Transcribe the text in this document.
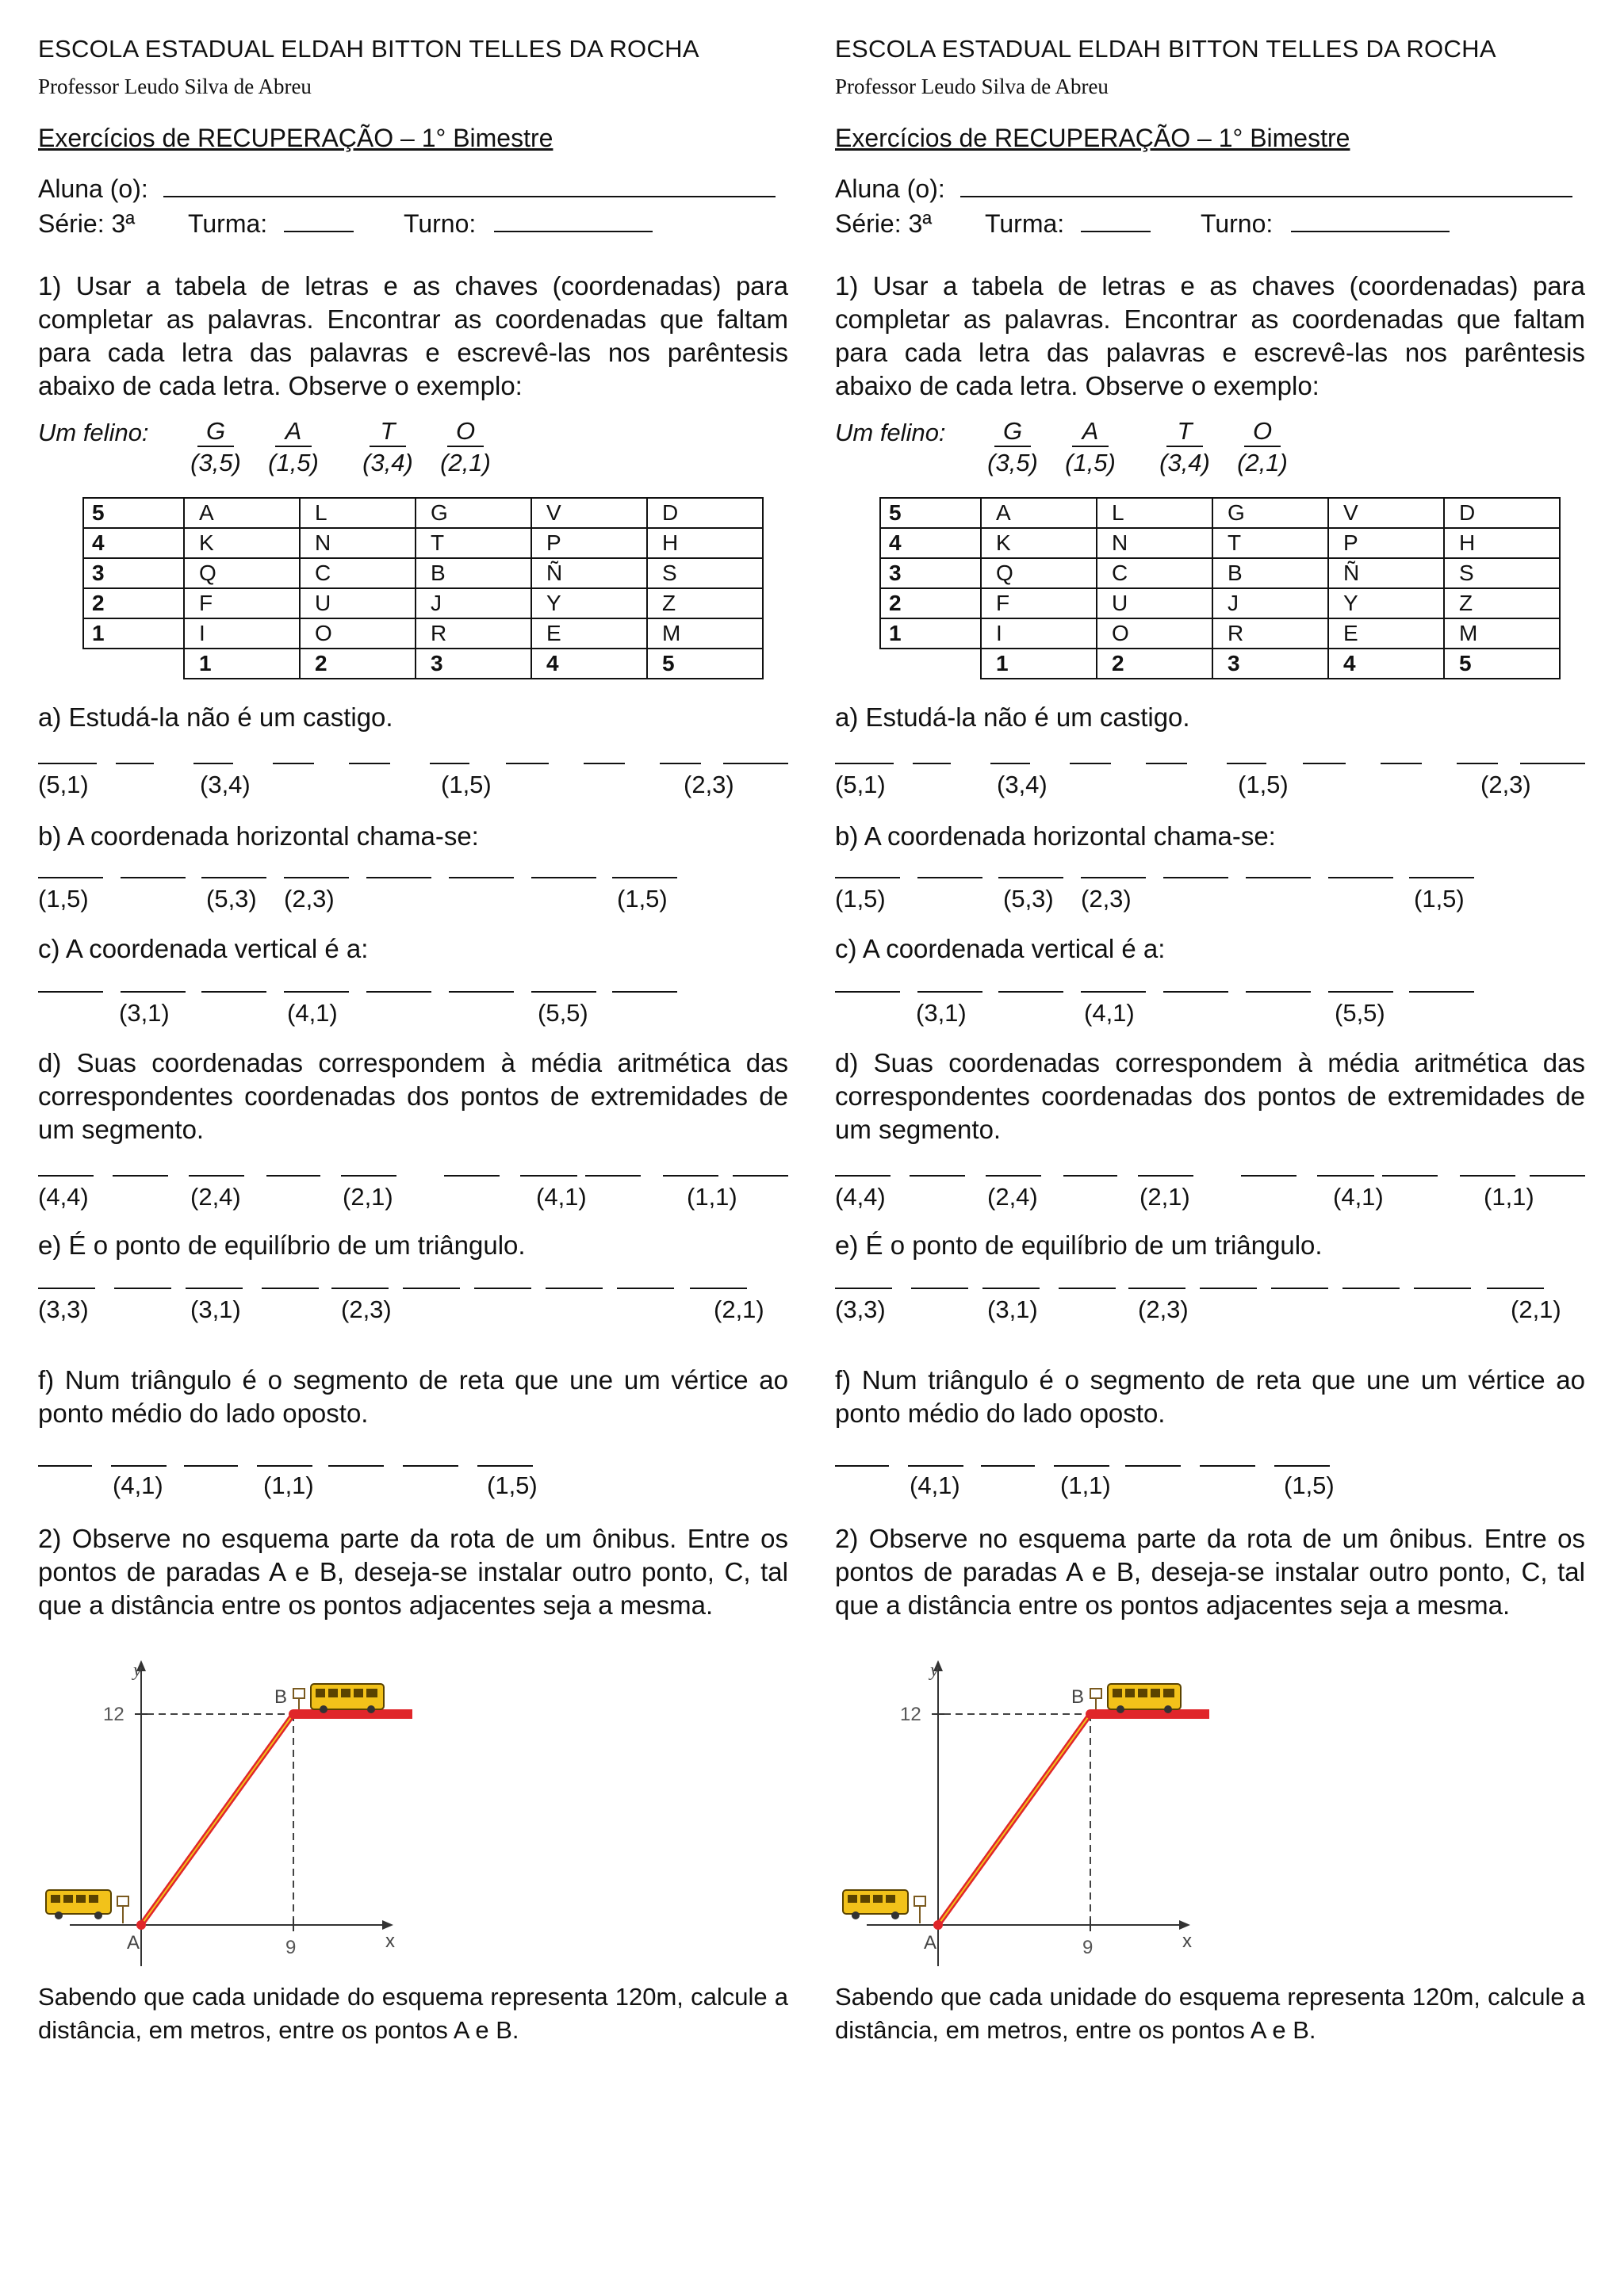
ESCOLA ESTADUAL ELDAH BITTON TELLES DA ROCHA
Professor Leudo Silva de Abreu
Exercícios de RECUPERAÇÃO – 1° Bimestre
Aluna (o):
Série: 3ª Turma:	Turno:
1) Usar a tabela de letras e as chaves (coordenadas) para completar as palavras. Encontrar as coordenadas que faltam para cada letra das palavras e escrevê-las nos parêntesis abaixo de cada letra. Observe o exemplo:
Um felino:	G
(3,5)
A
(1,5)
T
(3,4)
O
(2,1)
5	A	L	G	V	D
4	K	N	T	P	H
3	Q	C	B	Ñ	S
2	F	U	J	Y	Z
1	I	O	R	E	M
	1	2	3	4	5
a) Estudá-la não é um castigo.
(5,1)	(3,4)	(1,5)	(2,3)
b) A coordenada horizontal chama-se:
(1,5)	(5,3) (2,3)	(1,5)
c) A coordenada vertical é a:
(3,1)	(4,1)	(5,5)
d) Suas coordenadas correspondem à média aritmética das correspondentes coordenadas dos pontos de extremidades de um segmento.
(4,4)	(2,4)	(2,1)	(4,1)	(1,1)
e) É o ponto de equilíbrio de um triângulo.
(3,3)	(3,1)	(2,3)	(2,1)
f) Num triângulo é o segmento de reta que une um vértice ao ponto médio do lado oposto.
(4,1)	(1,1)	(1,5)
2) Observe no esquema parte da rota de um ônibus. Entre os pontos de paradas A e B, deseja-se instalar outro ponto, C, tal que a distância entre os pontos adjacentes seja a mesma.
y
x
12
9
A
B
Sabendo que cada unidade do esquema representa 120m, calcule a distância, em metros, entre os pontos A e B.
ESCOLA ESTADUAL ELDAH BITTON TELLES DA ROCHA
Professor Leudo Silva de Abreu
Exercícios de RECUPERAÇÃO – 1° Bimestre
Aluna (o):
Série: 3ª Turma:	Turno:
1) Usar a tabela de letras e as chaves (coordenadas) para completar as palavras. Encontrar as coordenadas que faltam para cada letra das palavras e escrevê-las nos parêntesis abaixo de cada letra. Observe o exemplo:
Um felino:	G
(3,5)
A
(1,5)
T
(3,4)
O
(2,1)
5	A	L	G	V	D
4	K	N	T	P	H
3	Q	C	B	Ñ	S
2	F	U	J	Y	Z
1	I	O	R	E	M
	1	2	3	4	5
a) Estudá-la não é um castigo.
(5,1)	(3,4)	(1,5)	(2,3)
b) A coordenada horizontal chama-se:
(1,5)	(5,3) (2,3)	(1,5)
c) A coordenada vertical é a:
(3,1)	(4,1)	(5,5)
d) Suas coordenadas correspondem à média aritmética das correspondentes coordenadas dos pontos de extremidades de um segmento.
(4,4)	(2,4)	(2,1)	(4,1)	(1,1)
e) É o ponto de equilíbrio de um triângulo.
(3,3)	(3,1)	(2,3)	(2,1)
f) Num triângulo é o segmento de reta que une um vértice ao ponto médio do lado oposto.
(4,1)	(1,1)	(1,5)
2) Observe no esquema parte da rota de um ônibus. Entre os pontos de paradas A e B, deseja-se instalar outro ponto, C, tal que a distância entre os pontos adjacentes seja a mesma.
y
x
12
9
A
B
Sabendo que cada unidade do esquema representa 120m, calcule a distância, em metros, entre os pontos A e B.
